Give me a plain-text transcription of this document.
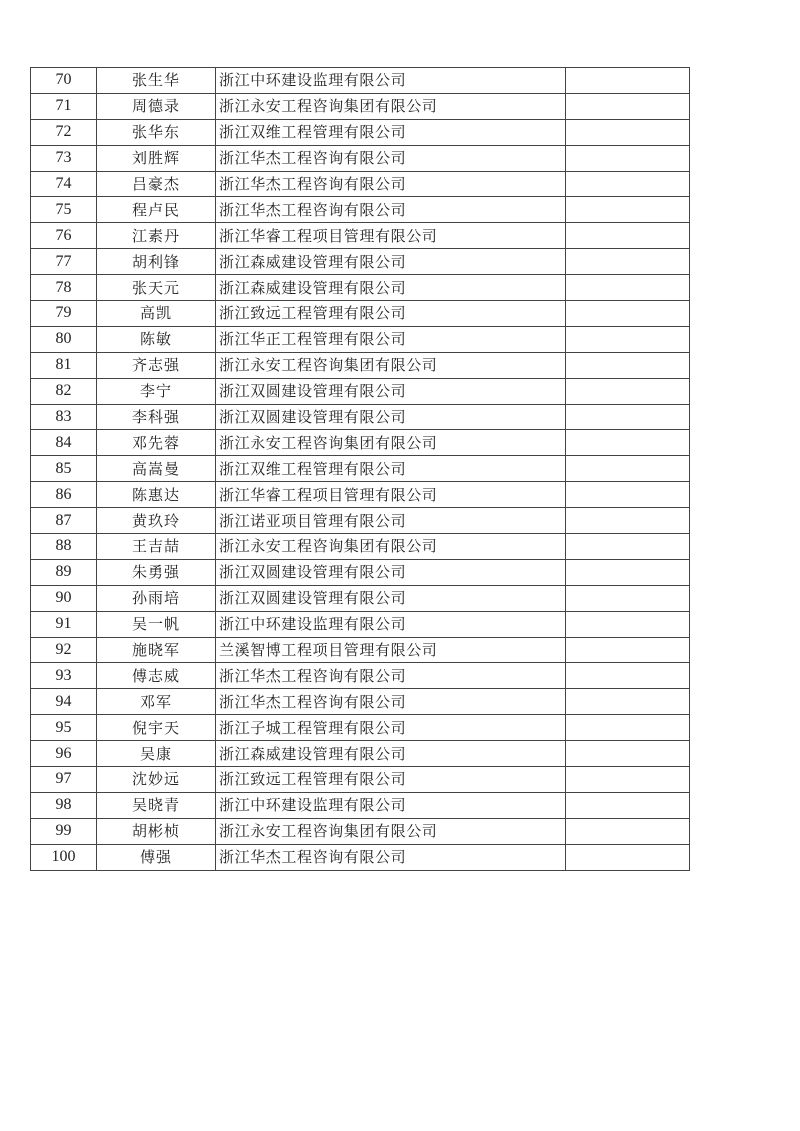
70	张生华	浙江中环建设监理有限公司	
71	周德录	浙江永安工程咨询集团有限公司	
72	张华东	浙江双维工程管理有限公司	
73	刘胜辉	浙江华杰工程咨询有限公司	
74	吕豪杰	浙江华杰工程咨询有限公司	
75	程卢民	浙江华杰工程咨询有限公司	
76	江素丹	浙江华睿工程项目管理有限公司	
77	胡利锋	浙江森威建设管理有限公司	
78	张天元	浙江森威建设管理有限公司	
79	高凯	浙江致远工程管理有限公司	
80	陈敏	浙江华正工程管理有限公司	
81	齐志强	浙江永安工程咨询集团有限公司	
82	李宁	浙江双圆建设管理有限公司	
83	李科强	浙江双圆建设管理有限公司	
84	邓先蓉	浙江永安工程咨询集团有限公司	
85	高嵩曼	浙江双维工程管理有限公司	
86	陈惠达	浙江华睿工程项目管理有限公司	
87	黄玖玲	浙江诺亚项目管理有限公司	
88	王吉喆	浙江永安工程咨询集团有限公司	
89	朱勇强	浙江双圆建设管理有限公司	
90	孙雨培	浙江双圆建设管理有限公司	
91	吴一帆	浙江中环建设监理有限公司	
92	施晓军	兰溪智博工程项目管理有限公司	
93	傅志威	浙江华杰工程咨询有限公司	
94	邓军	浙江华杰工程咨询有限公司	
95	倪宇天	浙江子城工程管理有限公司	
96	吴康	浙江森威建设管理有限公司	
97	沈妙远	浙江致远工程管理有限公司	
98	吴晓青	浙江中环建设监理有限公司	
99	胡彬桢	浙江永安工程咨询集团有限公司	
100	傅强	浙江华杰工程咨询有限公司	
